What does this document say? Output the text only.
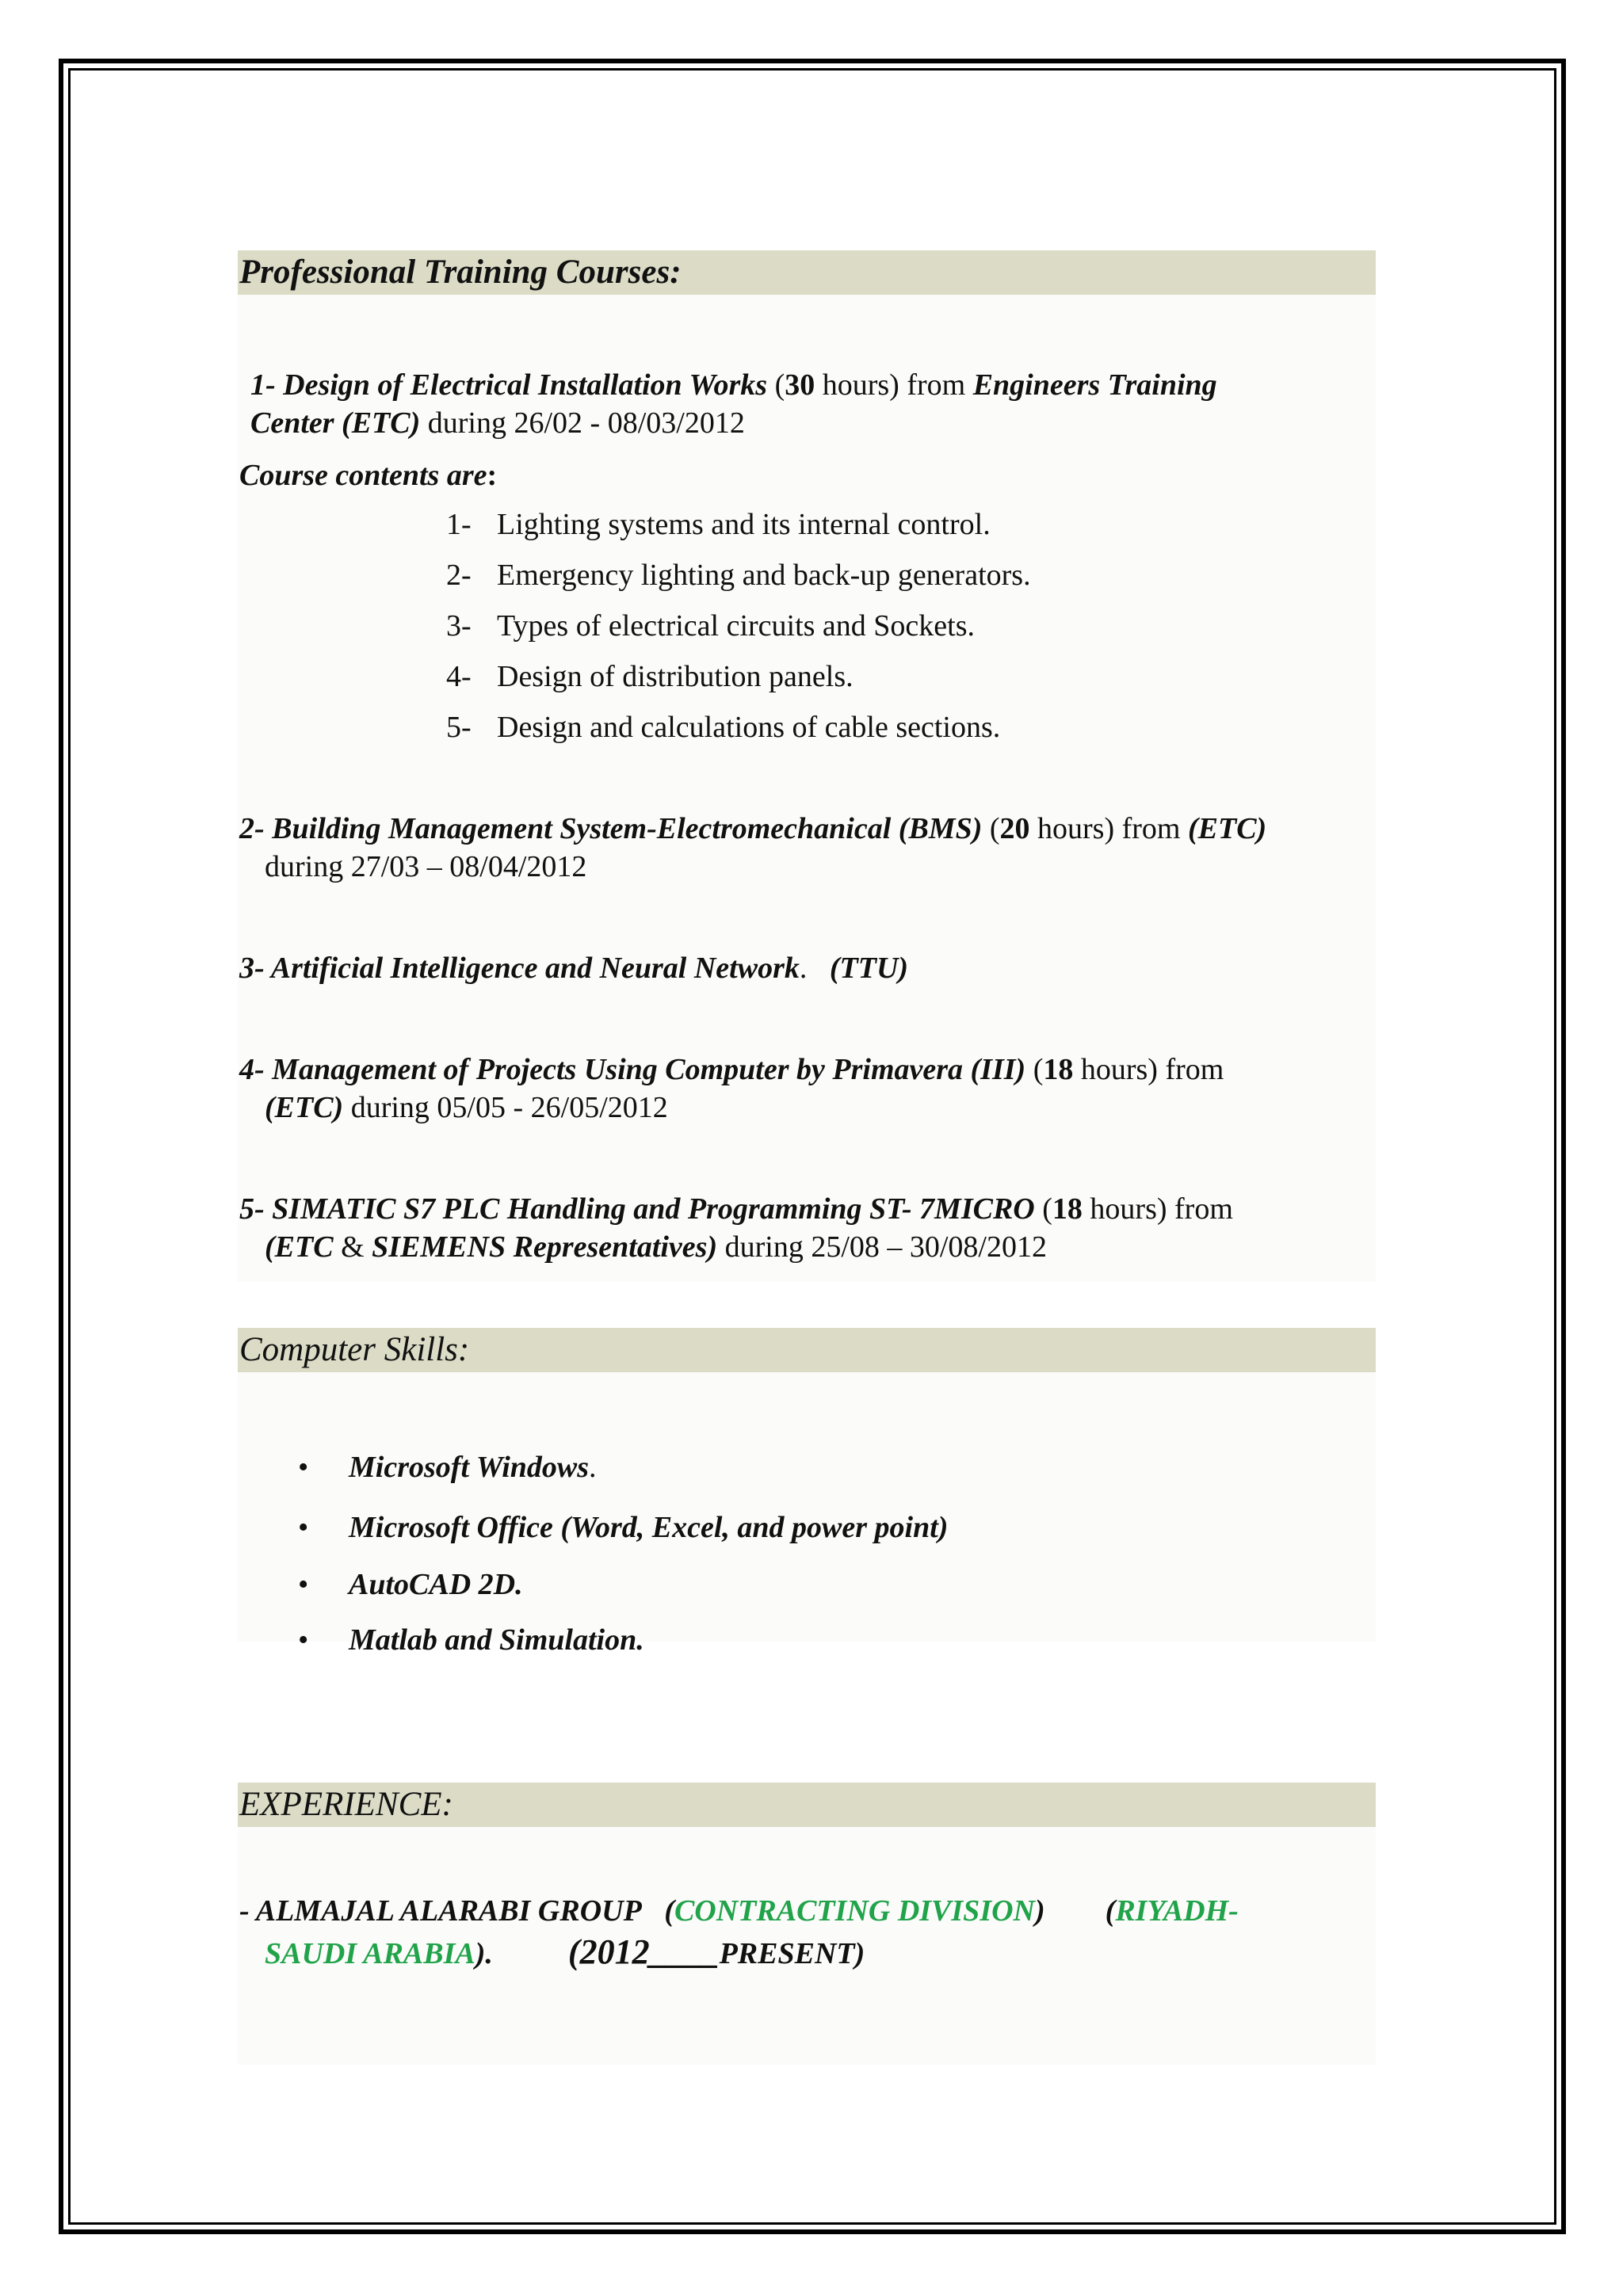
Professional Training Courses:
1- Design of Electrical Installation Works (30 hours) from Engineers Training
Center (ETC) during 26/02 - 08/03/2012
Course contents are:
1- Lighting systems and its internal control.
2- Emergency lighting and back-up generators.
3- Types of electrical circuits and Sockets.
4- Design of distribution panels.
5- Design and calculations of cable sections.
2- Building Management System-Electromechanical (BMS) (20 hours) from (ETC)
during 27/03 – 08/04/2012
3- Artificial Intelligence and Neural Network.   (TTU)
4- Management of Projects Using Computer by Primavera (III) (18 hours) from
(ETC) during 05/05 - 26/05/2012
5- SIMATIC S7 PLC Handling and Programming ST- 7MICRO (18 hours) from
(ETC & SIEMENS Representatives) during 25/08 – 30/08/2012
Computer Skills:
• Microsoft Windows.
• Microsoft Office (Word, Excel, and power point)
• AutoCAD 2D.
• Matlab and Simulation.
EXPERIENCE:
- ALMAJAL ALARABI GROUP (CONTRACTING DIVISION) (RIYADH-
SAUDI ARABIA). (2012____PRESENT)
